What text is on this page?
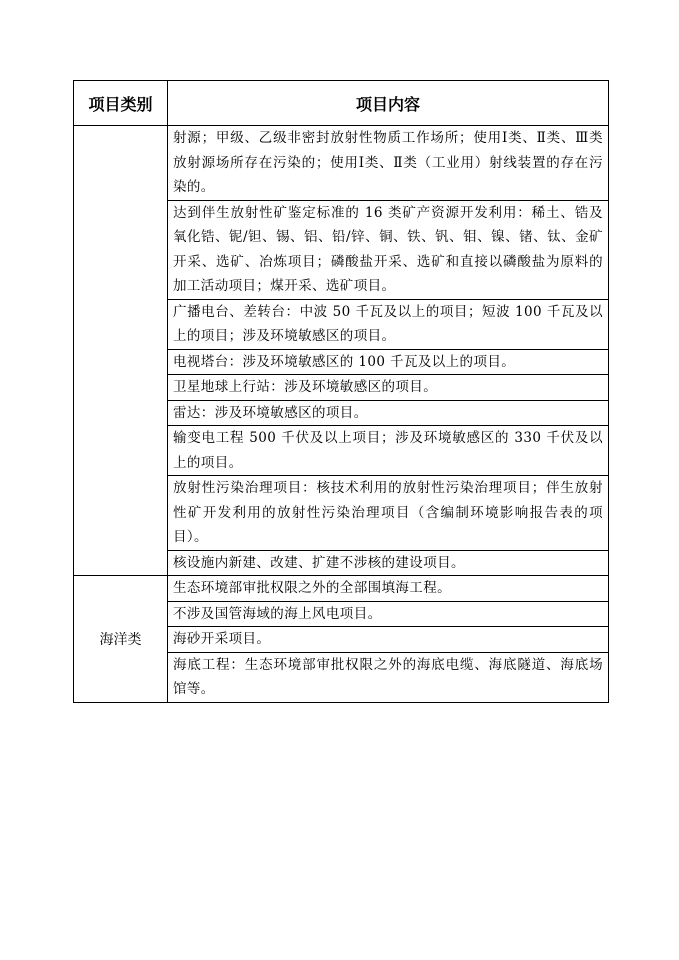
项目类别	项目内容
	射源；甲级、乙级非密封放射性物质工作场所；使用Ⅰ类、Ⅱ类、Ⅲ类放射源场所存在污染的；使用Ⅰ类、Ⅱ类（工业用）射线装置的存在污染的。
	达到伴生放射性矿鉴定标准的 16 类矿产资源开发利用：稀土、锆及氧化锆、铌/钽、锡、铝、铅/锌、铜、铁、钒、钼、镍、锗、钛、金矿开采、选矿、冶炼项目；磷酸盐开采、选矿和直接以磷酸盐为原料的加工活动项目；煤开采、选矿项目。
	广播电台、差转台：中波 50 千瓦及以上的项目；短波 100 千瓦及以上的项目；涉及环境敏感区的项目。
	电视塔台：涉及环境敏感区的 100 千瓦及以上的项目。
	卫星地球上行站：涉及环境敏感区的项目。
	雷达：涉及环境敏感区的项目。
	输变电工程 500 千伏及以上项目；涉及环境敏感区的 330 千伏及以上的项目。
	放射性污染治理项目：核技术利用的放射性污染治理项目；伴生放射性矿开发利用的放射性污染治理项目（含编制环境影响报告表的项目）。
	核设施内新建、改建、扩建不涉核的建设项目。
海洋类	生态环境部审批权限之外的全部围填海工程。
	不涉及国管海域的海上风电项目。
	海砂开采项目。
	海底工程：生态环境部审批权限之外的海底电缆、海底隧道、海底场馆等。
